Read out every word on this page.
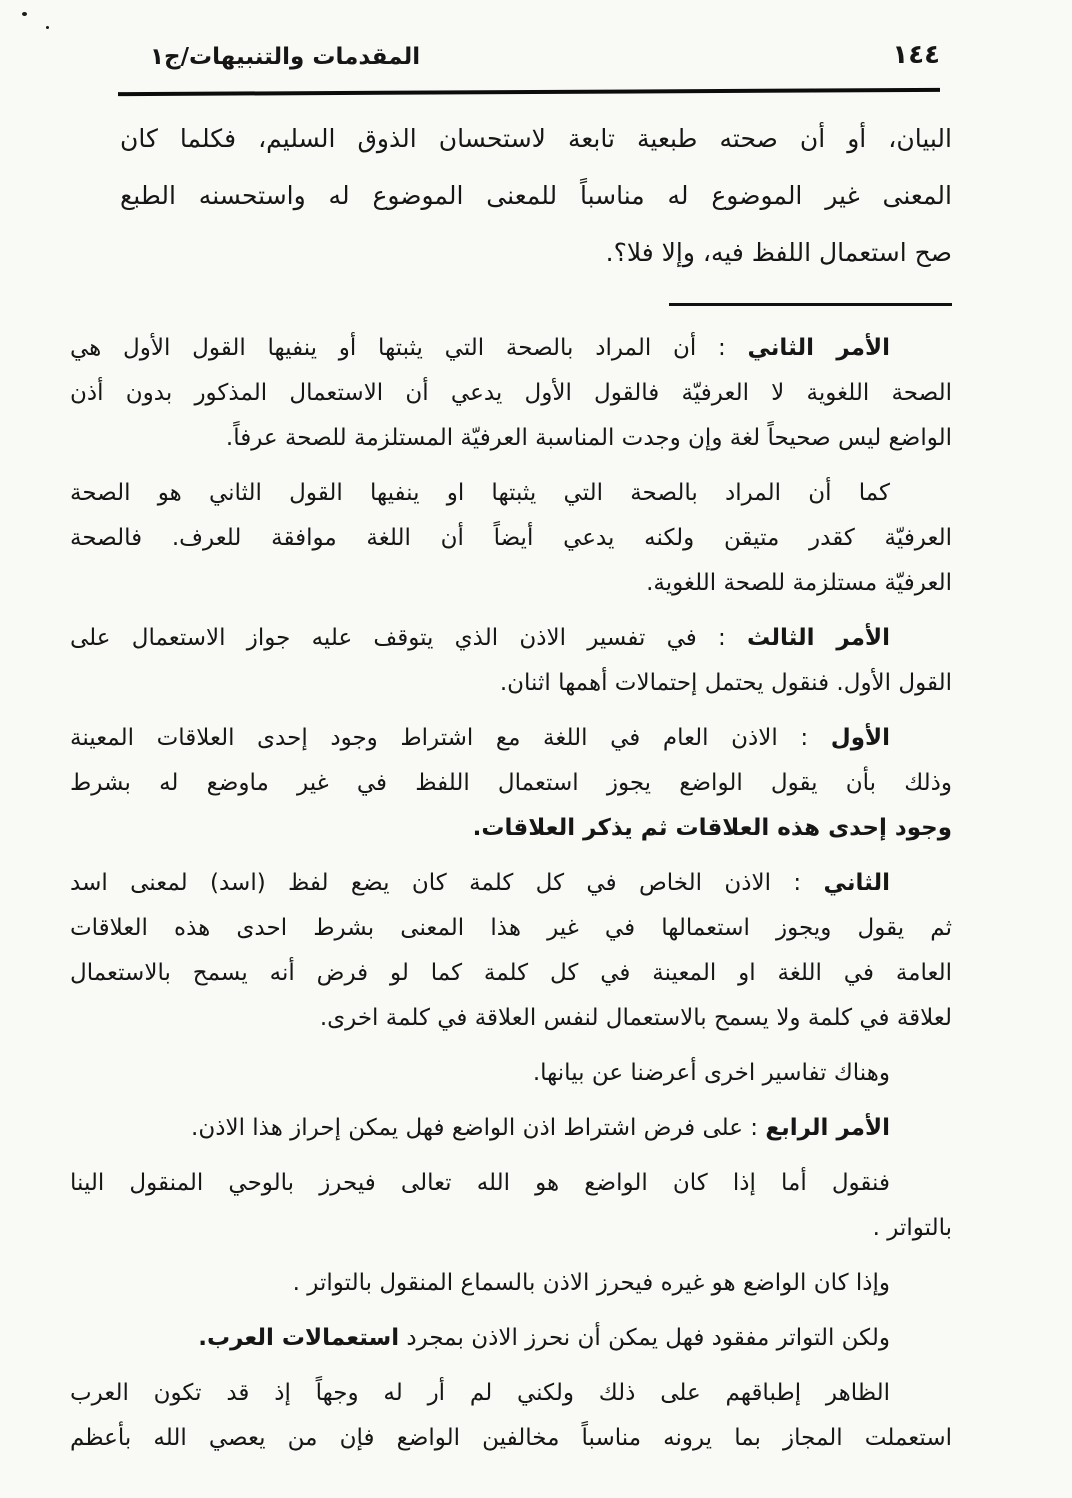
١٤٤
المقدمات والتنبيهات/ج١
البيان، أو أن صحته طبعية تابعة لاستحسان الذوق السليم، فكلما كان
المعنى غير الموضوع له مناسباً للمعنى الموضوع له واستحسنه الطبع
صح استعمال اللفظ فيه، وإلا فلا؟.
الأمر الثاني : أن المراد بالصحة التي يثبتها أو ينفيها القول الأول هي
الصحة اللغوية لا العرفيّة فالقول الأول يدعي أن الاستعمال المذكور بدون أذن
الواضع ليس صحيحاً لغة وإن وجدت المناسبة العرفيّة المستلزمة للصحة عرفاً.
كما أن المراد بالصحة التي يثبتها او ينفيها القول الثاني هو الصحة
العرفيّة كقدر متيقن ولكنه يدعي أيضاً أن اللغة موافقة للعرف. فالصحة
العرفيّة مستلزمة للصحة اللغوية.
الأمر الثالث : في تفسير الاذن الذي يتوقف عليه جواز الاستعمال على
القول الأول. فنقول يحتمل إحتمالات أهمها اثنان.
الأول : الاذن العام في اللغة مع اشتراط وجود إحدى العلاقات المعينة
وذلك بأن يقول الواضع يجوز استعمال اللفظ في غير ماوضع له بشرط
وجود إحدى هذه العلاقات ثم يذكر العلاقات.
الثاني : الاذن الخاص في كل كلمة كان يضع لفظ (اسد) لمعنى اسد
ثم يقول ويجوز استعمالها في غير هذا المعنى بشرط احدى هذه العلاقات
العامة في اللغة او المعينة في كل كلمة كما لو فرض أنه يسمح بالاستعمال
لعلاقة في كلمة ولا يسمح بالاستعمال لنفس العلاقة في كلمة اخرى.
وهناك تفاسير اخرى أعرضنا عن بيانها.
الأمر الرابع : على فرض اشتراط اذن الواضع فهل يمكن إحراز هذا الاذن.
فنقول أما إذا كان الواضع هو الله تعالى فيحرز بالوحي المنقول الينا
بالتواتر .
وإذا كان الواضع هو غيره فيحرز الاذن بالسماع المنقول بالتواتر .
ولكن التواتر مفقود فهل يمكن أن نحرز الاذن بمجرد استعمالات العرب.
الظاهر إطباقهم على ذلك ولكني لم أر له وجهاً إذ قد تكون العرب
استعملت المجاز بما يرونه مناسباً مخالفين الواضع فإن من يعصي الله بأعظم
